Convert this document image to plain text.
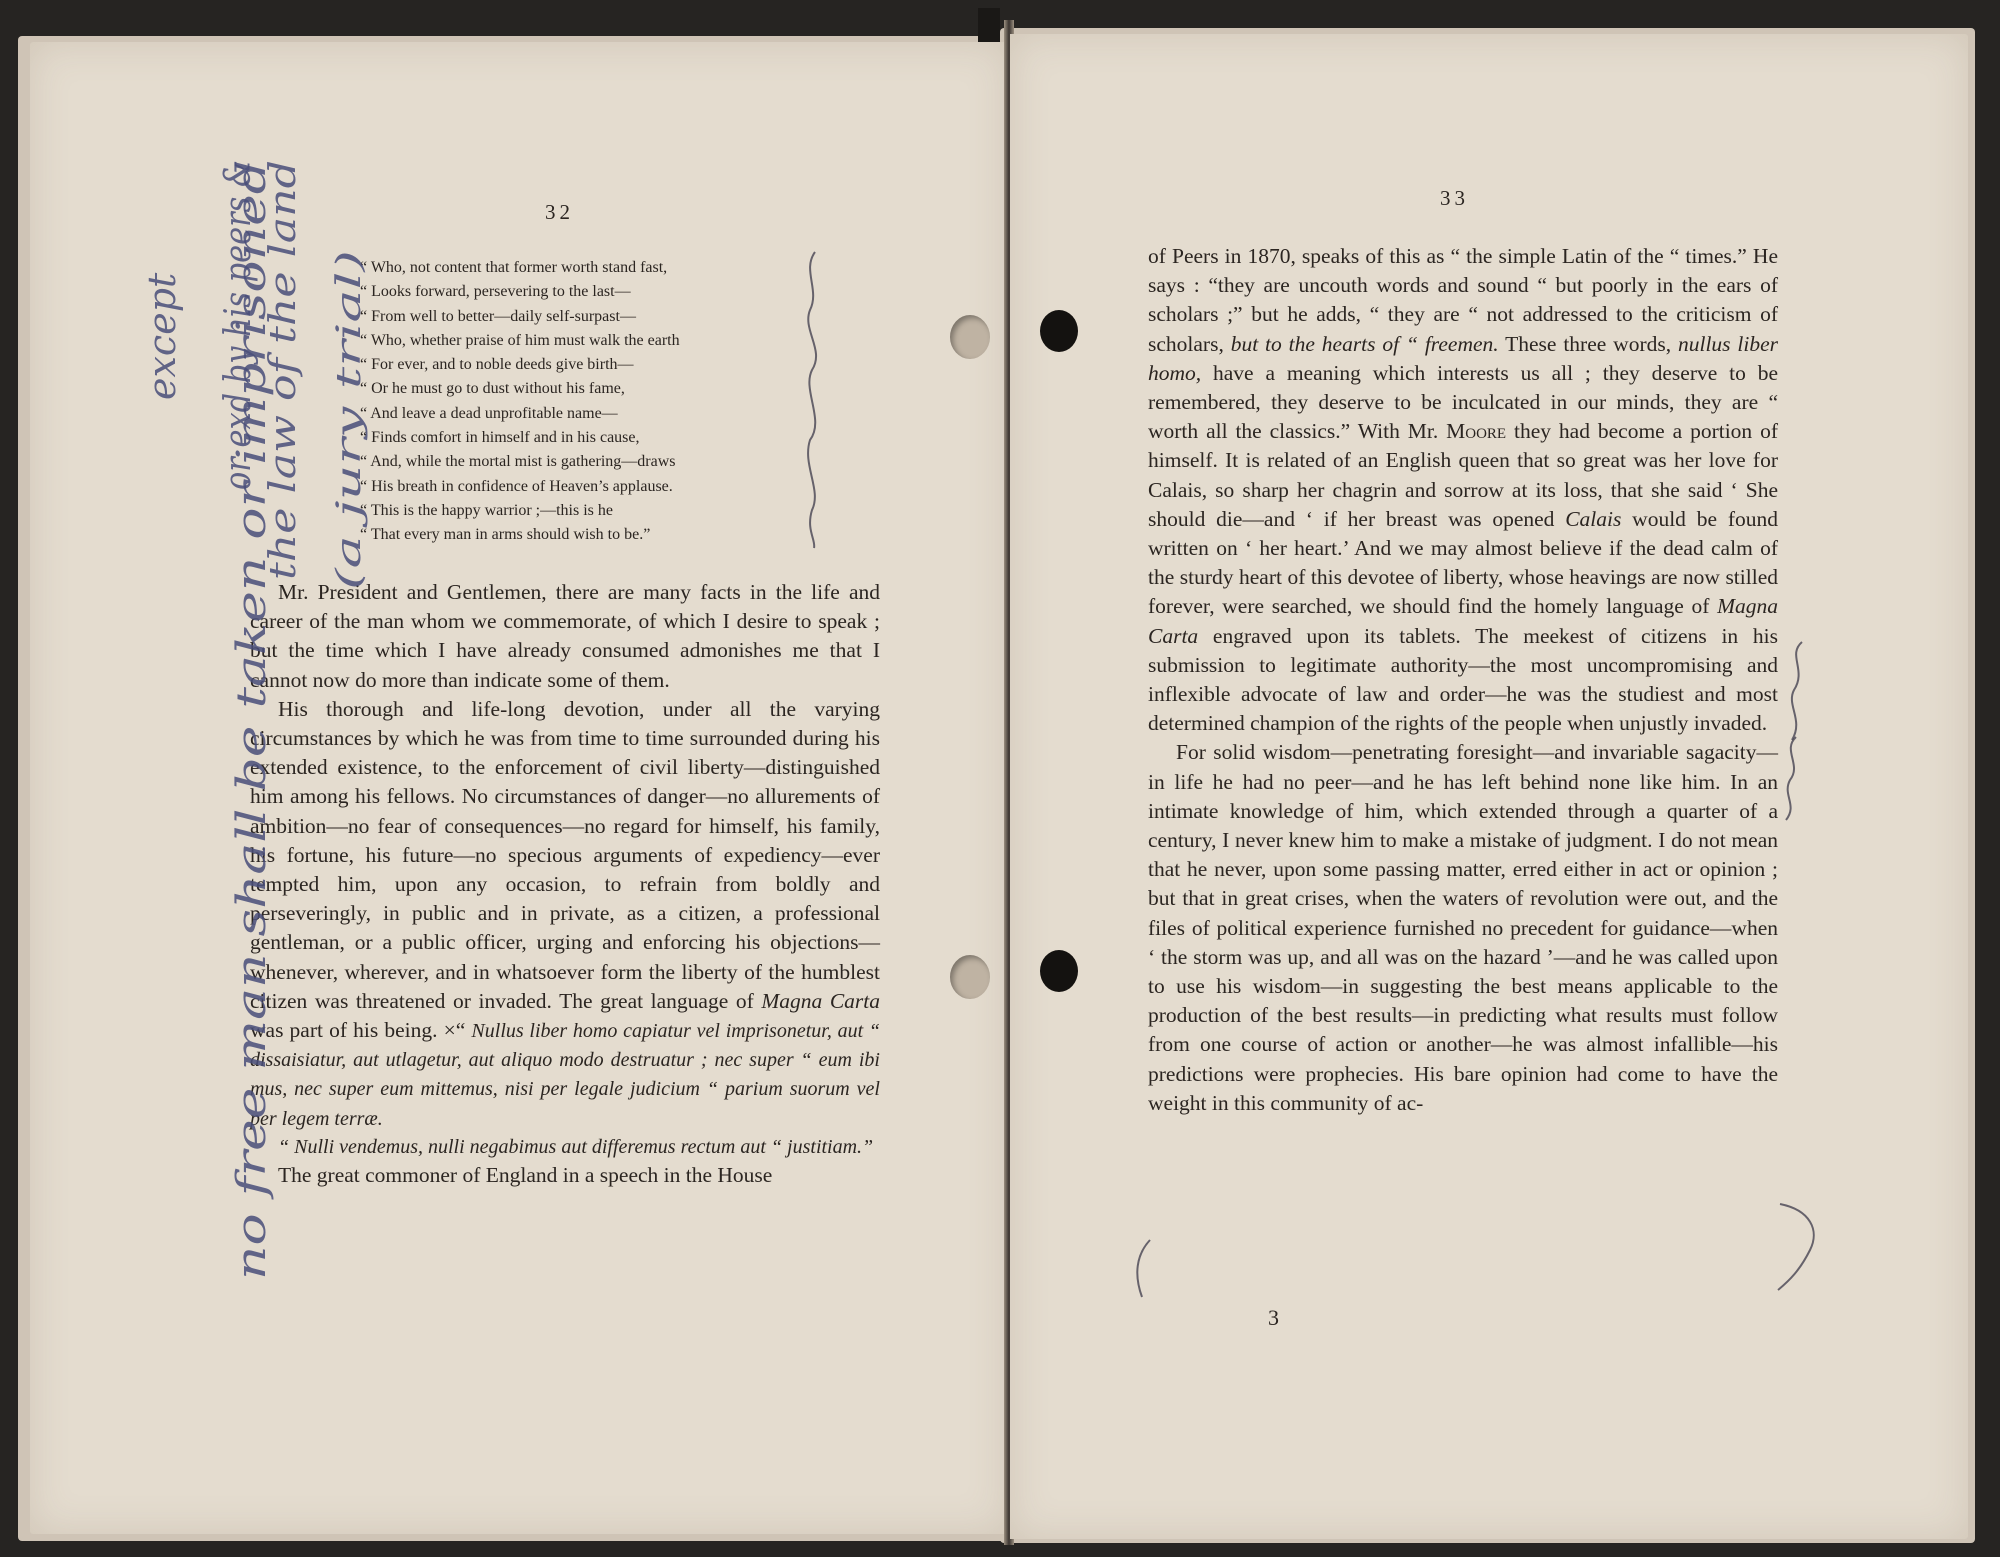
32
“ Who, not content that former worth stand fast,
“ Looks forward, persevering to the last—
“ From well to better—daily self-surpast—
“ Who, whether praise of him must walk the earth
“ For ever, and to noble deeds give birth—
“ Or he must go to dust without his fame,
“ And leave a dead unprofitable name—
“ Finds comfort in himself and in his cause,
“ And, while the mortal mist is gathering—draws
“ His breath in confidence of Heaven’s applause.
“ This is the happy warrior ;—this is he
“ That every man in arms should wish to be.”

Mr. President and Gentlemen, there are many facts in the life and career of the man whom we commemorate, of which I desire to speak ; but the time which I have already consumed admonishes me that I cannot now do more than indicate some of them.

His thorough and life-long devotion, under all the varying circumstances by which he was from time to time surrounded during his extended existence, to the enforcement of civil liberty—distinguished him among his fellows. No circumstances of danger—no allurements of ambition—no fear of consequences—no regard for himself, his family, his fortune, his future—no specious arguments of expediency—ever tempted him, upon any occasion, to refrain from boldly and perseveringly, in public and in private, as a citizen, a professional gentleman, or a public officer, urging and enforcing his objections—whenever, wherever, and in whatsoever form the liberty of the humblest citizen was threatened or invaded. The great language of Magna Carta was part of his being. ×“ Nullus liber homo capiatur vel imprisonetur, aut “ dissaisiatur, aut utlagetur, aut aliquo modo destruatur ; nec super “ eum ibi mus, nec super eum mittemus, nisi per legale judicium “ parium suorum vel per legem terræ.

“ Nulli vendemus, nulli negabimus aut differemus rectum aut “ justitiam.”

The great commoner of England in a speech in the House

no free man shall be taken or imprisoned
except or exd by his peers & the law of the land (a jury trial)
33

of Peers in 1870, speaks of this as “ the simple Latin of the “ times.” He says : “they are uncouth words and sound “ but poorly in the ears of scholars ;” but he adds, “ they are “ not addressed to the criticism of scholars, but to the hearts of “ freemen. These three words, nullus liber homo, have a meaning which interests us all ; they deserve to be remembered, they deserve to be inculcated in our minds, they are “ worth all the classics.” With Mr. Moore they had become a portion of himself. It is related of an English queen that so great was her love for Calais, so sharp her chagrin and sorrow at its loss, that she said ‘ She should die—and ‘ if her breast was opened Calais would be found written on ‘ her heart.’ And we may almost believe if the dead calm of the sturdy heart of this devotee of liberty, whose heavings are now stilled forever, were searched, we should find the homely language of Magna Carta engraved upon its tablets. The meekest of citizens in his submission to legitimate authority—the most uncompromising and inflexible advocate of law and order—he was the studiest and most determined champion of the rights of the people when unjustly invaded.

For solid wisdom—penetrating foresight—and invariable sagacity—in life he had no peer—and he has left behind none like him. In an intimate knowledge of him, which extended through a quarter of a century, I never knew him to make a mistake of judgment. I do not mean that he never, upon some passing matter, erred either in act or opinion ; but that in great crises, when the waters of revolution were out, and the files of political experience furnished no precedent for guidance—when ‘ the storm was up, and all was on the hazard ’—and he was called upon to use his wisdom—in suggesting the best means applicable to the production of the best results—in predicting what results must follow from one course of action or another—he was almost infallible—his predictions were prophecies. His bare opinion had come to have the weight in this community of ac-

3
